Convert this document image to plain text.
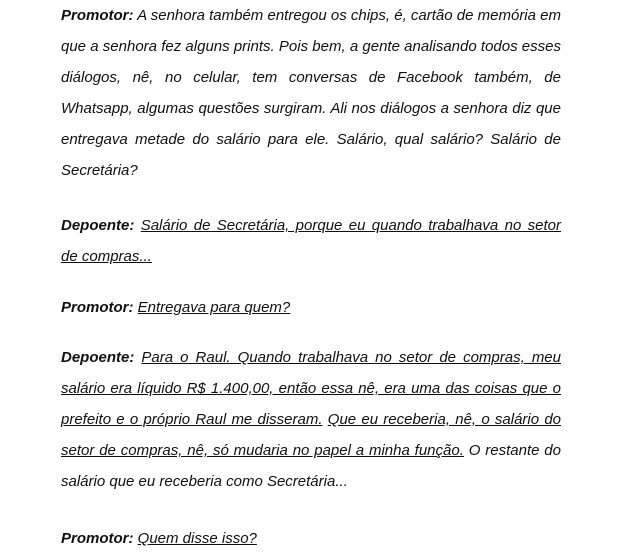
Promotor: A senhora também entregou os chips, é, cartão de memória em que a senhora fez alguns prints. Pois bem, a gente analisando todos esses diálogos, nê, no celular, tem conversas de Facebook também, de Whatsapp, algumas questões surgiram. Ali nos diálogos a senhora diz que entregava metade do salário para ele. Salário, qual salário? Salário de Secretária?

Depoente: Salário de Secretária, porque eu quando trabalhava no setor de compras...

Promotor: Entregava para quem?

Depoente: Para o Raul. Quando trabalhava no setor de compras, meu salário era líquido R$ 1.400,00, então essa nê, era uma das coisas que o prefeito e o próprio Raul me disseram. Que eu receberia, nê, o salário do setor de compras, nê, só mudaria no papel a minha função. O restante do salário que eu receberia como Secretária...

Promotor: Quem disse isso?
